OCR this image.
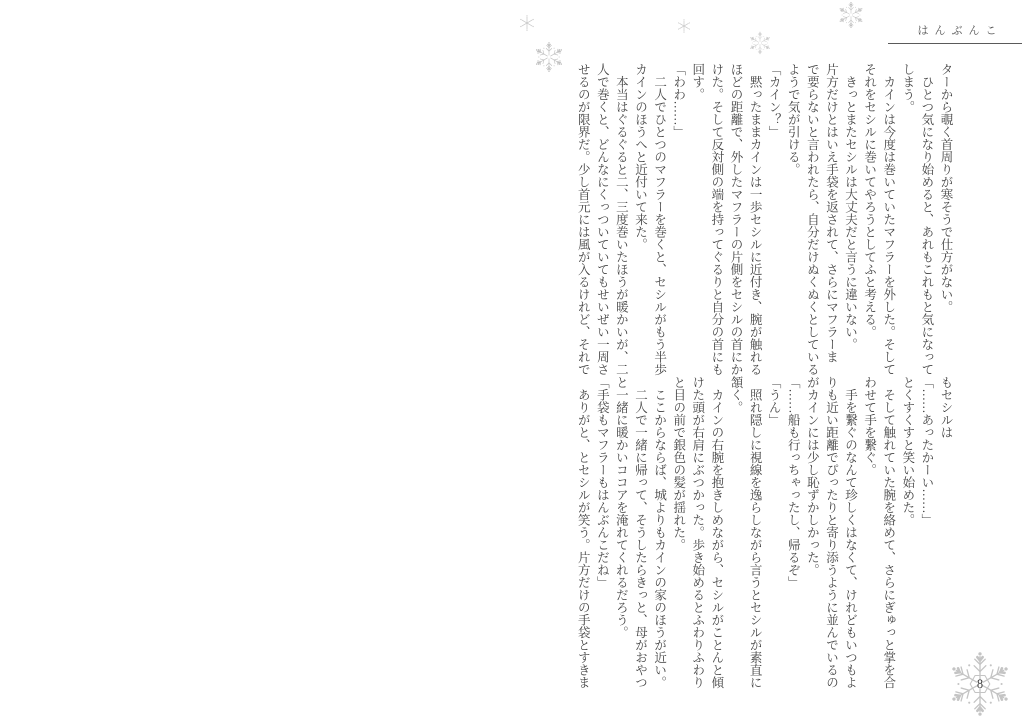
はんぶんこ
ターから覗く首周りが寒そうで仕方がない。
　ひとつ気になり始めると、あれもこれもと気になって
しまう。
　カインは今度は巻いていたマフラーを外した。そして
それをセシルに巻いてやろうとしてふと考える。
　きっとまたセシルは大丈夫だと言うに違いない。
片方だけとはいえ手袋を返されて、さらにマフラーま
で要らないと言われたら、自分だけぬくぬくとしている
ようで気が引ける。
「カイン？」
　黙ったままカインは一歩セシルに近付き、腕が触れる
ほどの距離で、外したマフラーの片側をセシルの首にか
けた。そして反対側の端を持ってぐるりと自分の首にも
回す。
「わわ……」
　二人でひとつのマフラーを巻くと、セシルがもう半歩
カインのほうへと近付いて来た。
　本当はぐるぐると二、三度巻いたほうが暖かいが、二
人で巻くと、どんなにくっついていてもせいぜい一周さ
せるのが限界だ。少し首元には風が入るけれど、それで
もセシルは
「……あったかーい……」
とくすくすと笑い始めた。
　そして触れていた腕を絡めて、さらにぎゅっと掌を合
わせて手を繋ぐ。
　手を繋ぐのなんて珍しくはなくて、けれどもいつもよ
りも近い距離でぴったりと寄り添うように並んでいるの
がカインには少し恥ずかしかった。
「……船も行っちゃったし、帰るぞ」
「うん」
　照れ隠しに視線を逸らしながら言うとセシルが素直に
頷く。
　カインの右腕を抱きしめながら、セシルがことんと傾
けた頭が右肩にぶつかった。歩き始めるとふわりふわり
と目の前で銀色の髪が揺れた。
　ここからならば、城よりもカインの家のほうが近い。
　二人で一緒に帰って、そうしたらきっと、母がおやつ
と一緒に暖かいココアを淹れてくれるだろう。
「手袋もマフラーもはんぶんこだね」
　ありがと、とセシルが笑う。片方だけの手袋とすきま	8
